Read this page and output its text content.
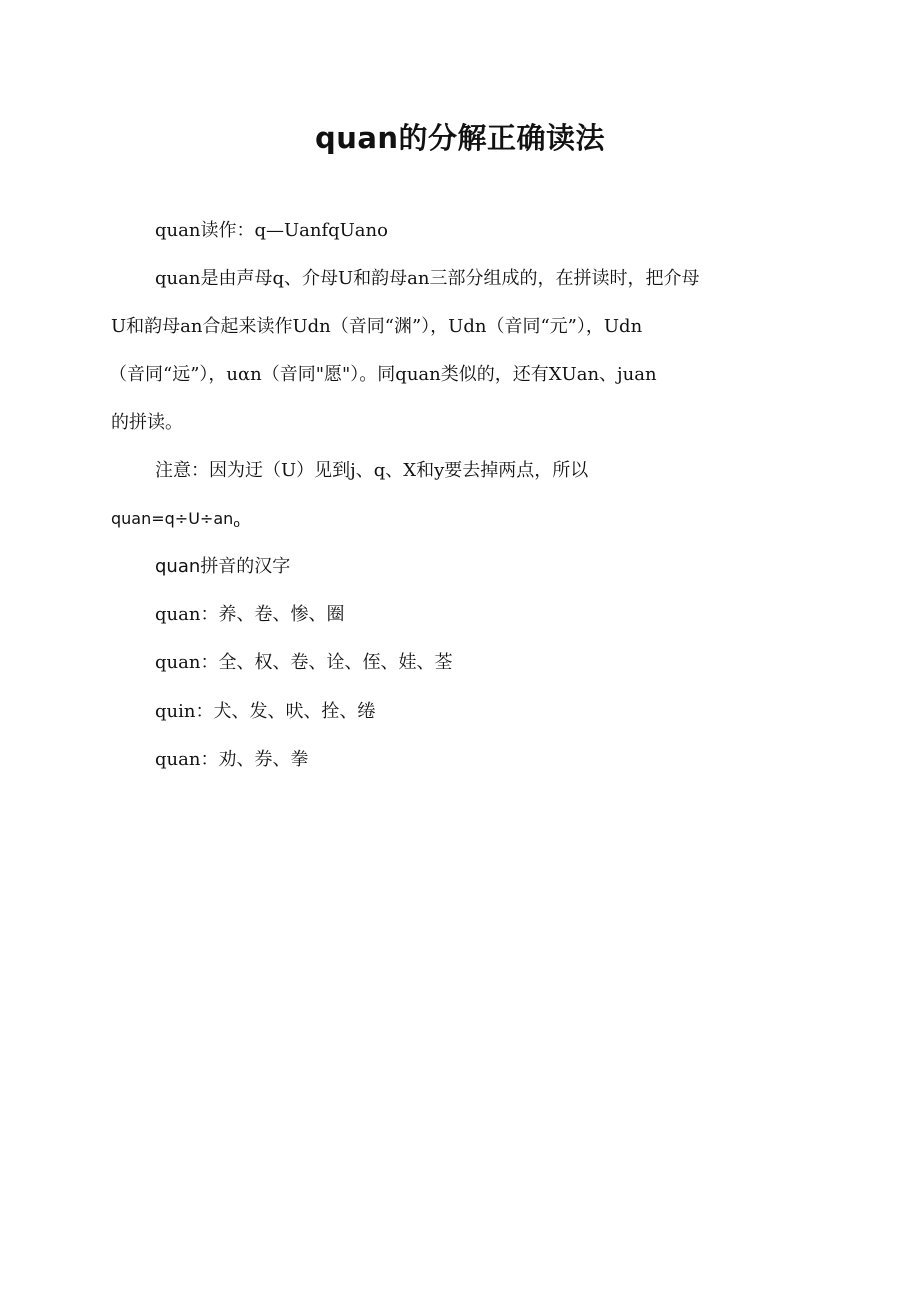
quan的分解正确读法
quan读作：q—UanfqUano
quan是由声母q、介母U和韵母an三部分组成的，在拼读时，把介母
U和韵母an合起来读作Udn（音同“渊”），Udn（音同“元”），Udn
（音同“远”），uαn（音同"愿"）。同quan类似的，还有XUan、juan
的拼读。
注意：因为迂（U）见到j、q、X和y要去掉两点，所以
$quan=q\div U\div an_o$
quan拼音的汉字
quan：养、卷、惨、圈
quan：全、权、卷、诠、侄、娃、荃
quin：犬、发、吠、拴、绻
quan：劝、券、拳
